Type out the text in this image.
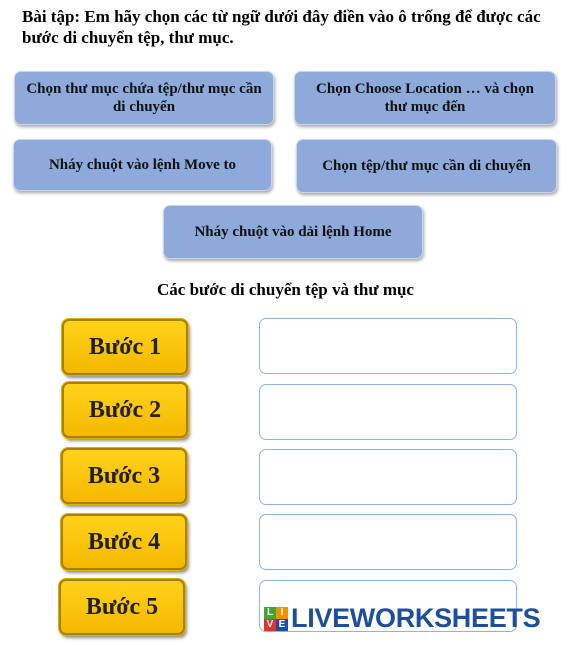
Bài tập: Em hãy chọn các từ ngữ dưới đây điền vào ô trống để được các bước di chuyển tệp, thư mục.
Chọn thư mục chứa tệp/thư mục cần di chuyển
Chọn Choose Location … và chọn thư mục đến
Nháy chuột vào lệnh Move to	Chọn tệp/thư mục cần di chuyển
Nháy chuột vào dải lệnh Home
Các bước di chuyển tệp và thư mục
Bước 1
Bước 2
Bước 3
Bước 4
Bước 5	L I
V E LIVEWORKSHEETS
